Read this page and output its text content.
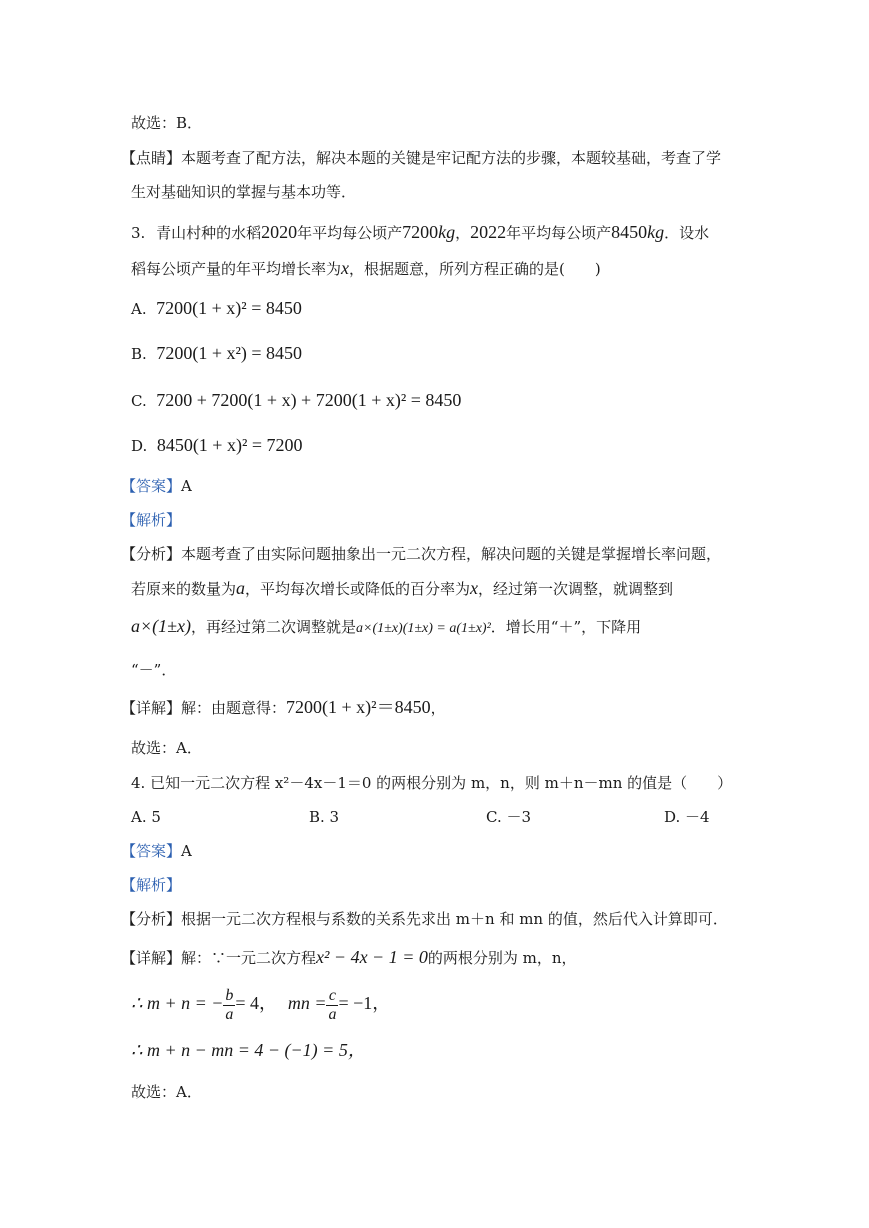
故选：B．
【点睛】本题考查了配方法，解决本题的关键是牢记配方法的步骤，本题较基础，考查了学
生对基础知识的掌握与基本功等．
3. 青山村种的水稻2020年平均每公顷产7200kg，2022年平均每公顷产8450kg．设水
稻每公顷产量的年平均增长率为x，根据题意，所列方程正确的是(　　)
A. 7200(1 + x)² = 8450
B. 7200(1 + x²) = 8450
C. 7200 + 7200(1 + x) + 7200(1 + x)² = 8450
D. 8450(1 + x)² = 7200
【答案】A
【解析】
【分析】本题考查了由实际问题抽象出一元二次方程，解决问题的关键是掌握增长率问题，
若原来的数量为a，平均每次增长或降低的百分率为x，经过第一次调整，就调整到
a×(1±x)，再经过第二次调整就是a×(1±x)(1±x) = a(1±x)²．增长用“＋”，下降用
“－”．
【详解】解：由题意得：7200(1 + x)²＝8450，
故选：A．
4. 已知一元二次方程 x²－4x－1＝0 的两根分别为 m，n，则 m＋n－mn 的值是（　　）
A. 5	B. 3	C. －3	D. －4
【答案】A
【解析】
【分析】根据一元二次方程根与系数的关系先求出 m＋n 和 mn 的值，然后代入计算即可．
【详解】解：∵一元二次方程x² − 4x − 1 = 0的两根分别为 m，n，
∴ m + n = − $\frac{b}{a} = 4$， mn = $\frac{c}{a} = -1$，
∴ m + n − mn = 4 − (−1) = 5，
故选：A．
